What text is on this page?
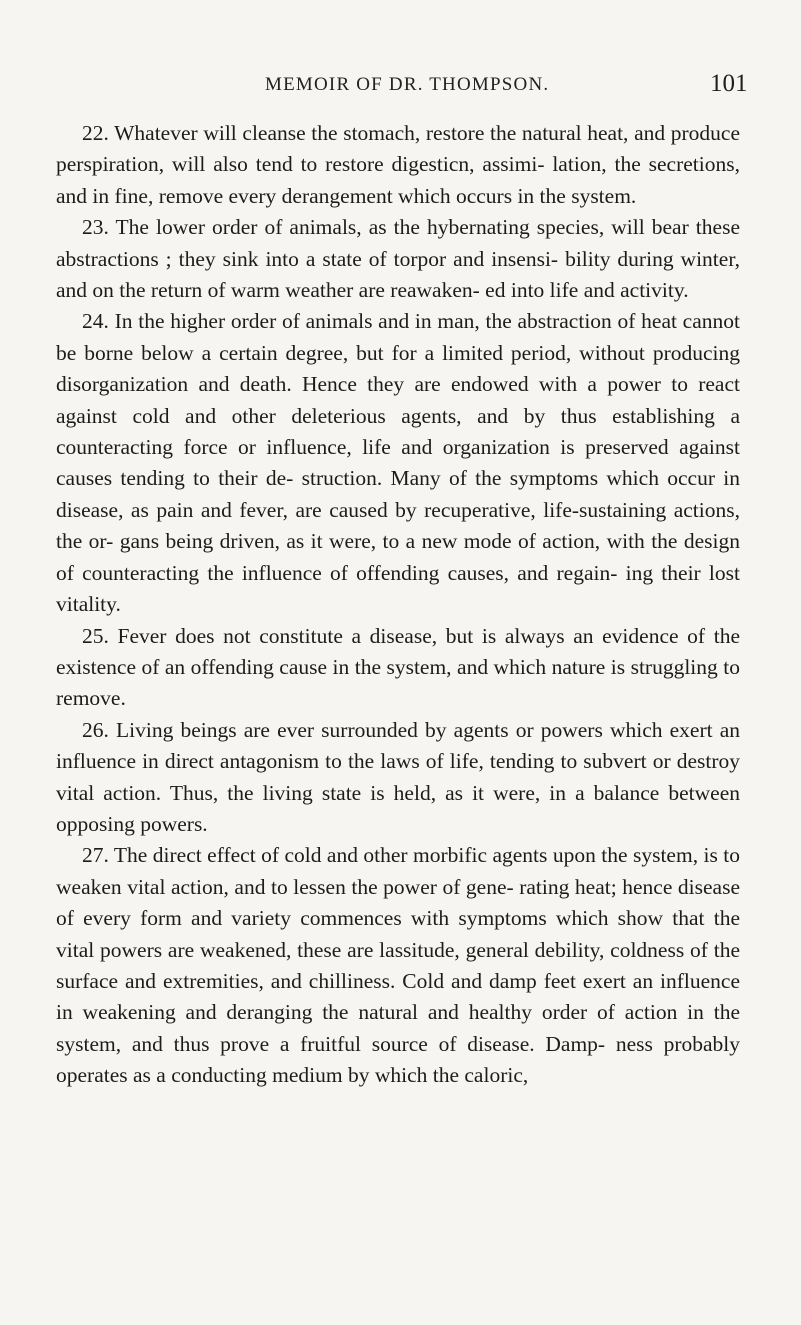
MEMOIR OF DR. THOMPSON.	101

22. Whatever will cleanse the stomach, restore the natural heat, and produce perspiration, will also tend to restore digesticn, assimi- lation, the secretions, and in fine, remove every derangement which occurs in the system.

23. The lower order of animals, as the hybernating species, will bear these abstractions ; they sink into a state of torpor and insensi- bility during winter, and on the return of warm weather are reawaken- ed into life and activity.

24. In the higher order of animals and in man, the abstraction of heat cannot be borne below a certain degree, but for a limited period, without producing disorganization and death. Hence they are endowed with a power to react against cold and other deleterious agents, and by thus establishing a counteracting force or influence, life and organization is preserved against causes tending to their de- struction. Many of the symptoms which occur in disease, as pain and fever, are caused by recuperative, life-sustaining actions, the or- gans being driven, as it were, to a new mode of action, with the design of counteracting the influence of offending causes, and regain- ing their lost vitality.

25. Fever does not constitute a disease, but is always an evidence of the existence of an offending cause in the system, and which nature is struggling to remove.

26. Living beings are ever surrounded by agents or powers which exert an influence in direct antagonism to the laws of life, tending to subvert or destroy vital action. Thus, the living state is held, as it were, in a balance between opposing powers.

27. The direct effect of cold and other morbific agents upon the system, is to weaken vital action, and to lessen the power of gene- rating heat; hence disease of every form and variety commences with symptoms which show that the vital powers are weakened, these are lassitude, general debility, coldness of the surface and extremities, and chilliness. Cold and damp feet exert an influence in weakening and deranging the natural and healthy order of action in the system, and thus prove a fruitful source of disease. Damp- ness probably operates as a conducting medium by which the caloric,
